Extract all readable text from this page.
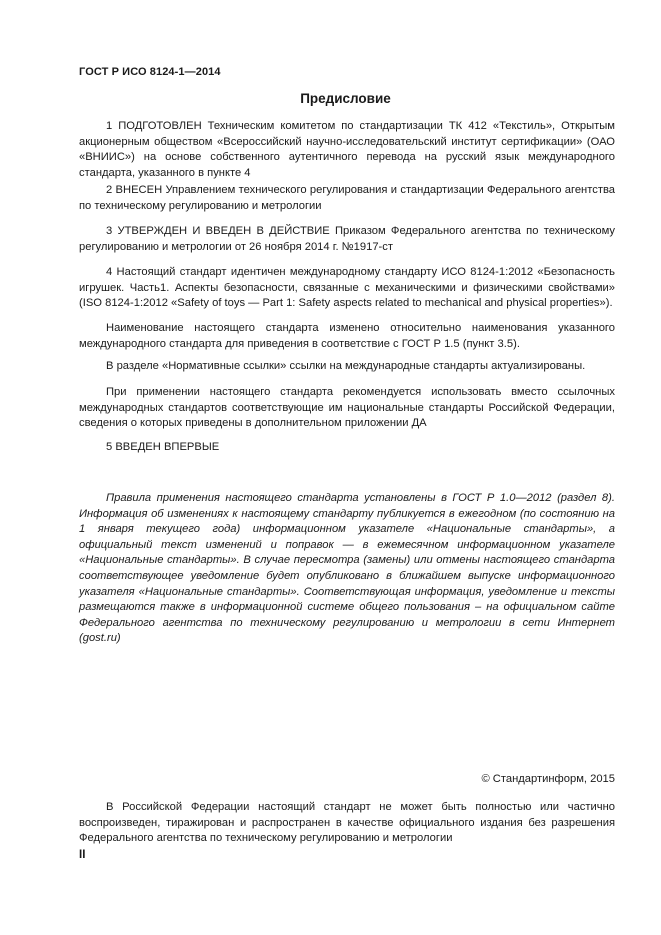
ГОСТ Р ИСО 8124-1—2014
Предисловие
1 ПОДГОТОВЛЕН Техническим комитетом по стандартизации ТК 412 «Текстиль», Открытым акционерным обществом «Всероссийский научно-исследовательский институт сертификации» (ОАО «ВНИИС») на основе собственного аутентичного перевода на русский язык международного стандарта, указанного в пункте 4
2 ВНЕСЕН Управлением технического регулирования и стандартизации Федерального агентства по техническому регулированию и метрологии
3 УТВЕРЖДЕН И ВВЕДЕН В ДЕЙСТВИЕ Приказом Федерального агентства по техническому регулированию и метрологии от 26 ноября 2014 г. №1917-ст
4 Настоящий стандарт идентичен международному стандарту ИСО 8124-1:2012 «Безопасность игрушек. Часть1. Аспекты безопасности, связанные с механическими и физическими свойствами» (ISO 8124-1:2012 «Safety of toys — Part 1: Safety aspects related to mechanical and physical properties»).
Наименование настоящего стандарта изменено относительно наименования указанного международного стандарта для приведения в соответствие с ГОСТ Р 1.5 (пункт 3.5).
В разделе «Нормативные ссылки» ссылки на международные стандарты актуализированы.
При применении настоящего стандарта рекомендуется использовать вместо ссылочных международных стандартов соответствующие им национальные стандарты Российской Федерации, сведения о которых приведены в дополнительном приложении ДА
5 ВВЕДЕН ВПЕРВЫЕ
Правила применения настоящего стандарта установлены в ГОСТ Р 1.0—2012 (раздел 8). Информация об изменениях к настоящему стандарту публикуется в ежегодном (по состоянию на 1 января текущего года) информационном указателе «Национальные стандарты», а официальный текст изменений и поправок — в ежемесячном информационном указателе «Национальные стандарты». В случае пересмотра (замены) или отмены настоящего стандарта соответствующее уведомление будет опубликовано в ближайшем выпуске информационного указателя «Национальные стандарты». Соответствующая информация, уведомление и тексты размещаются также в информационной системе общего пользования – на официальном сайте Федерального агентства по техническому регулированию и метрологии в сети Интернет (gost.ru)
© Стандартинформ, 2015
В Российской Федерации настоящий стандарт не может быть полностью или частично воспроизведен, тиражирован и распространен в качестве официального издания без разрешения Федерального агентства по техническому регулированию и метрологии
II
